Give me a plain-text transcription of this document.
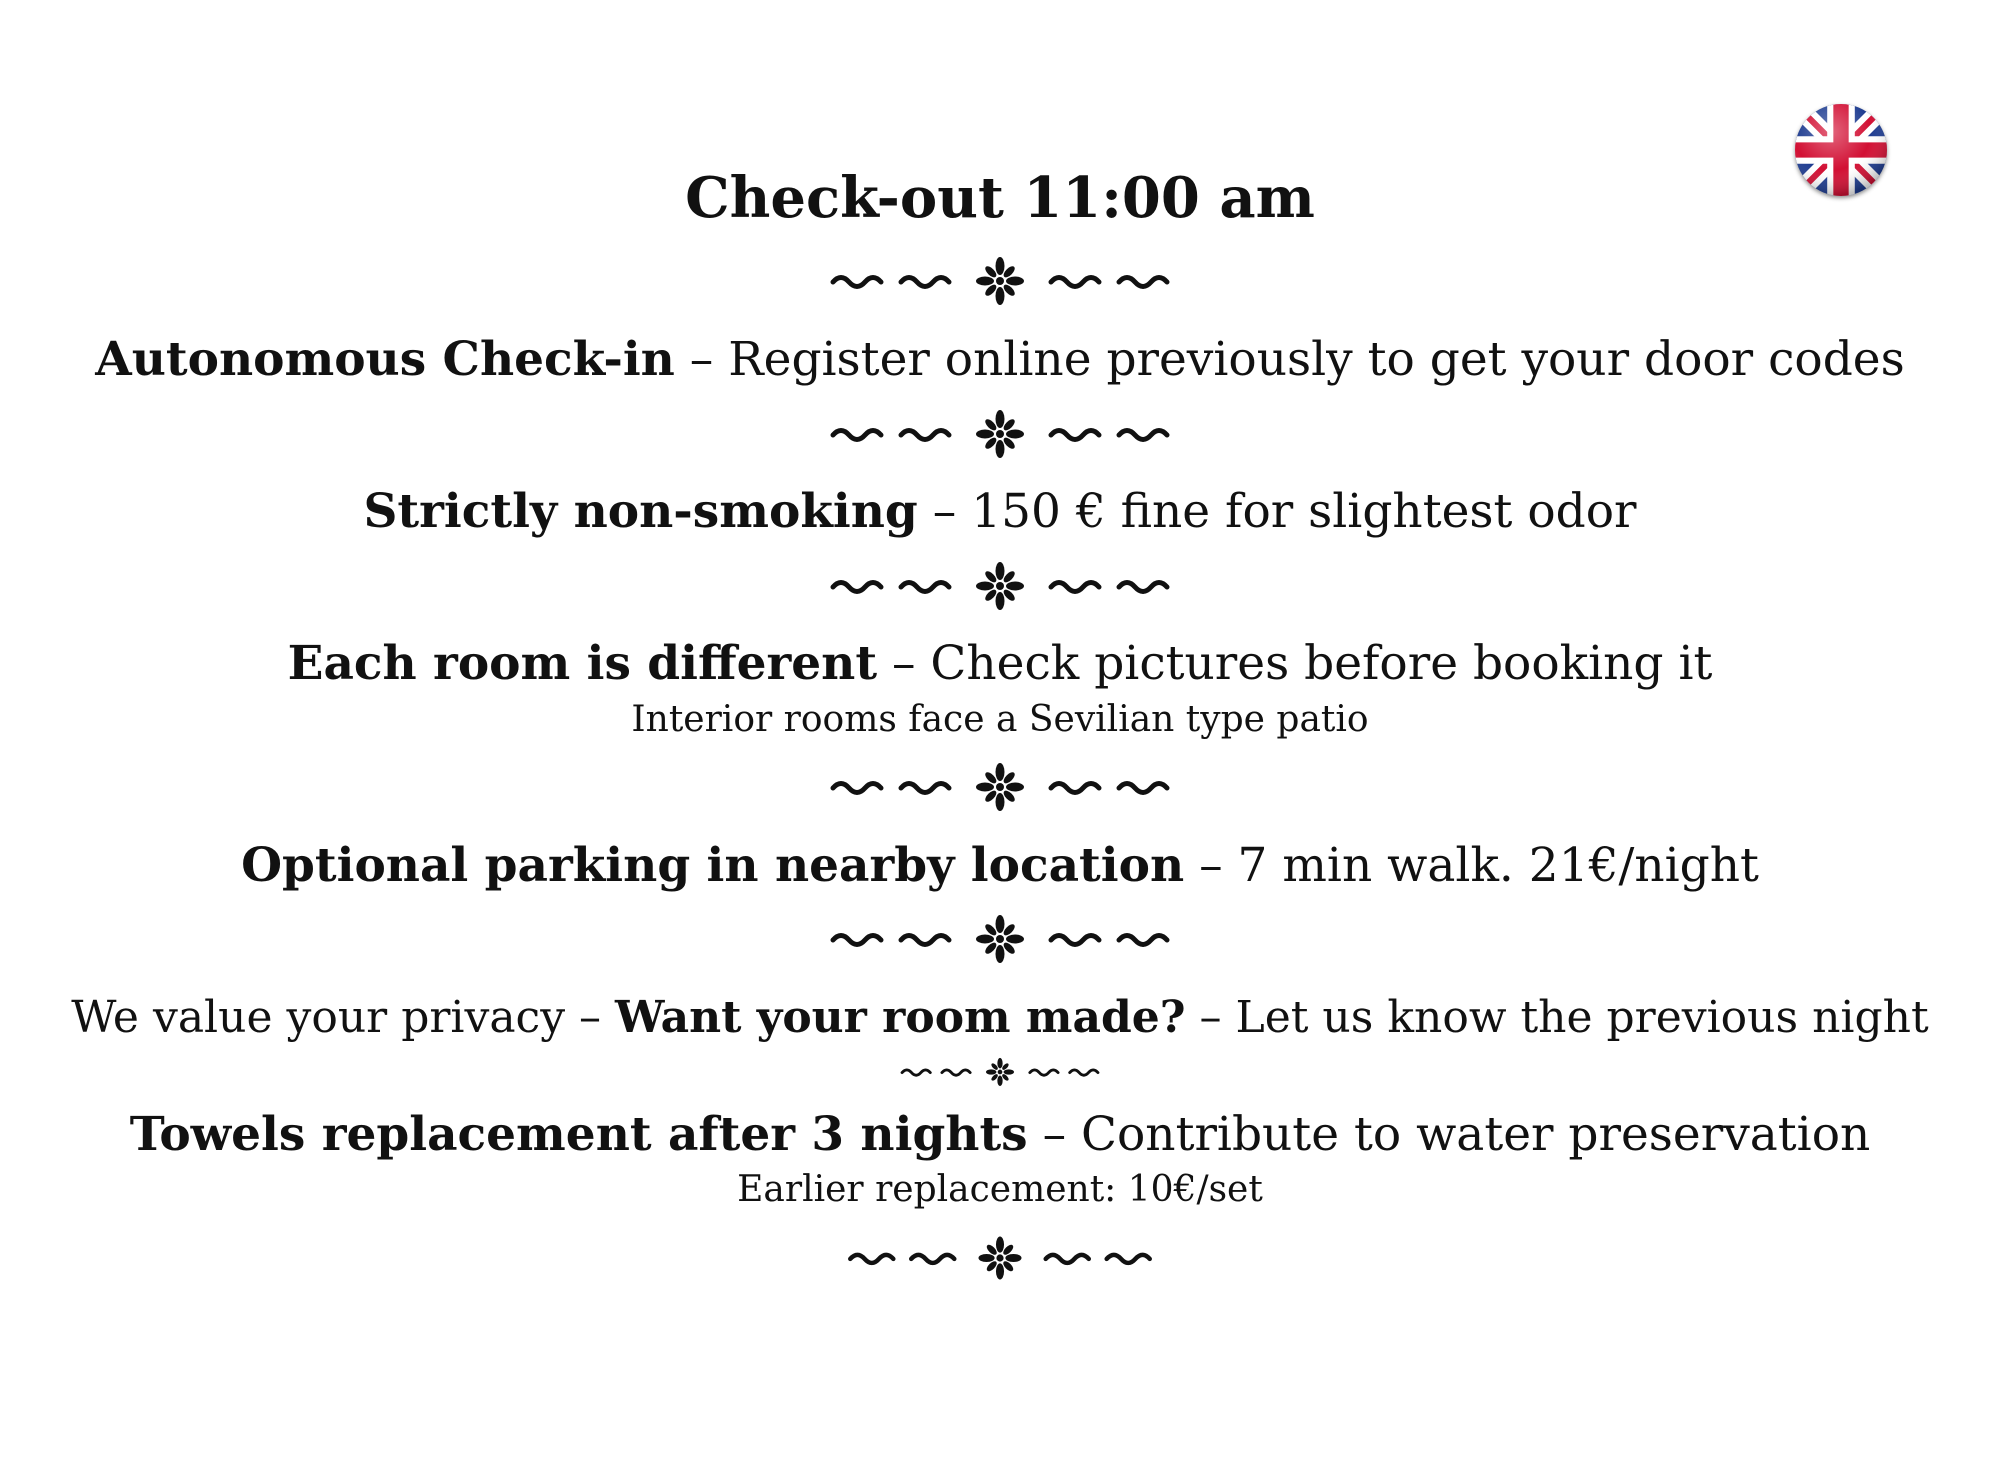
Check-out 11:00 am
Autonomous Check-in – Register online previously to get your door codes
Strictly non-smoking – 150 € fine for slightest odor
Each room is different – Check pictures before booking it
Interior rooms face a Sevilian type patio
Optional parking in nearby location – 7 min walk. 21€/night
We value your privacy – Want your room made? – Let us know the previous night
Towels replacement after 3 nights – Contribute to water preservation
Earlier replacement: 10€/set
